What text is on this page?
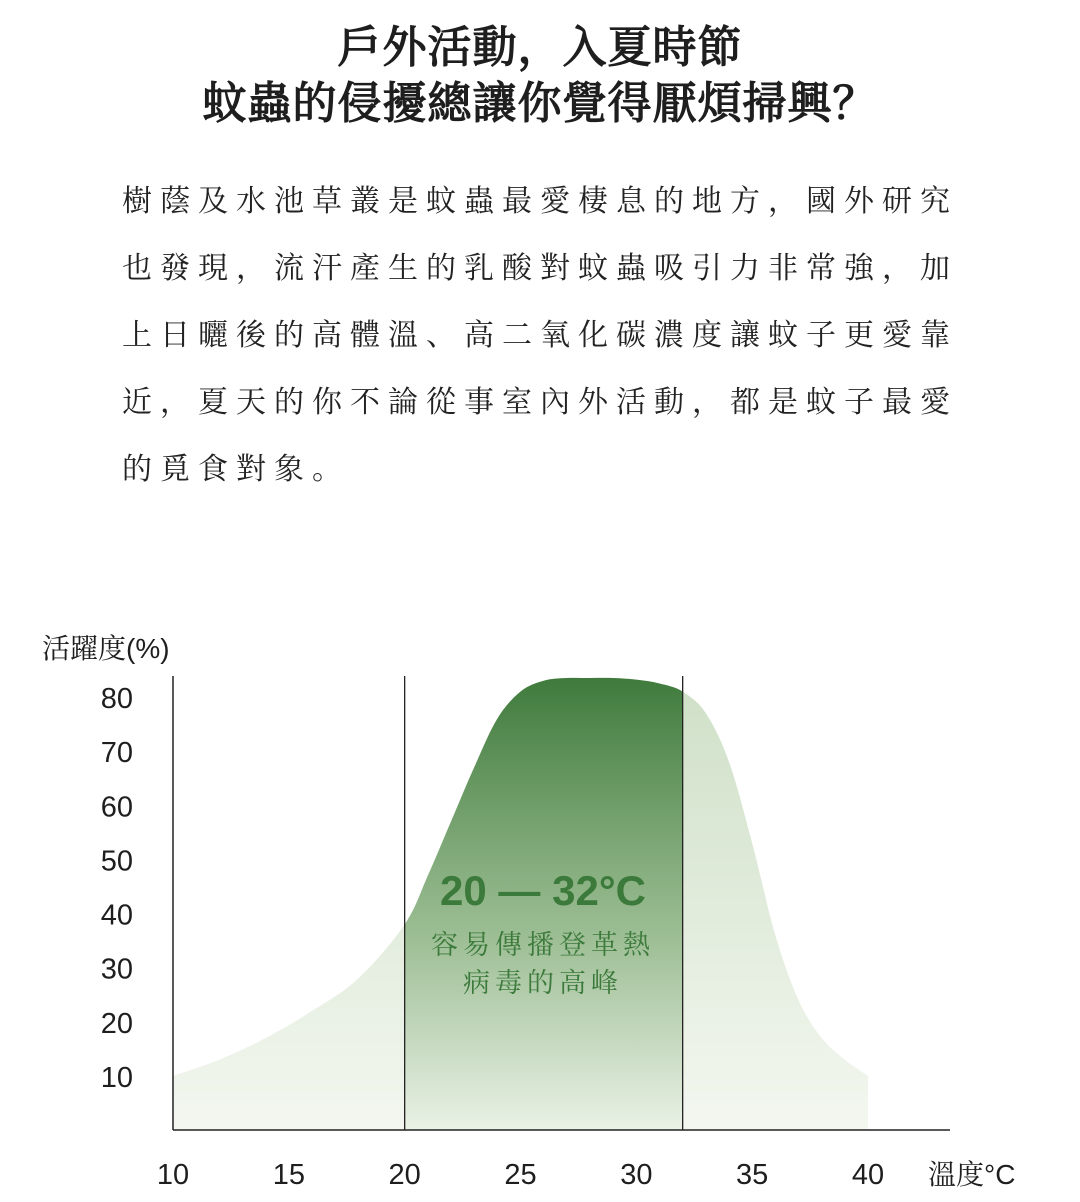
戶外活動，入夏時節
蚊蟲的侵擾總讓你覺得厭煩掃興？
樹蔭及水池草叢是蚊蟲最愛棲息的地方，國外研究
也發現，流汗產生的乳酸對蚊蟲吸引力非常強，加
上日曬後的高體溫、高二氧化碳濃度讓蚊子更愛靠
近，夏天的你不論從事室內外活動，都是蚊子最愛
的覓食對象。
10
20
30
40
50
60
70
80
10	15	20	25	30	35	40
活躍度(%)
溫度°C
20 — 32°C
容易傳播登革熱
病毒的高峰
